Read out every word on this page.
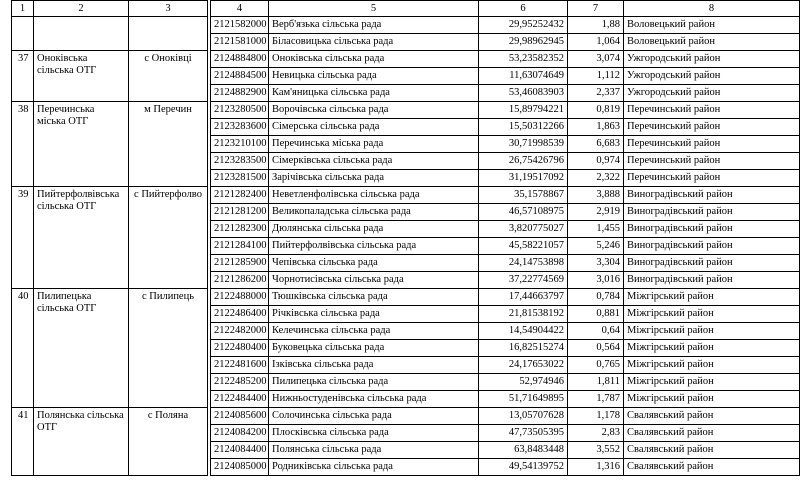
1	2	3

37	Оноківська сільська ОТГ	с Оноківці
38	Перечинська міська ОТГ	м Перечин
39	Пийтерфолвівська сільська ОТГ	с Пийтерфолво
40	Пилипецька сільська ОТГ	с Пилипець
41	Полянська сільська ОТГ	с Поляна
4	5	6	7	8
2121582000	Верб'язька сільська рада	29,95252432	1,88	Воловецький район
2121581000	Біласовицька сільська рада	29,98962945	1,064	Воловецький район
2124884800	Оноківська сільська рада	53,23582352	3,074	Ужгородський район
2124884500	Невицька сільська рада	11,63074649	1,112	Ужгородський район
2124882900	Кам'яницька сільська рада	53,46083903	2,337	Ужгородський район
2123280500	Ворочівська сільська рада	15,89794221	0,819	Перечинський район
2123283600	Сімерська сільська рада	15,50312266	1,863	Перечинський район
2123210100	Перечинська міська рада	30,71998539	6,683	Перечинський район
2123283500	Сімерківська сільська рада	26,75426796	0,974	Перечинський район
2123281500	Зарічівська сільська рада	31,19517092	2,322	Перечинський район
2121282400	Неветленфолівська сільська рада	35,1578867	3,888	Виноградівський район
2121281200	Великопаладська сільська рада	46,57108975	2,919	Виноградівський район
2121282300	Дюлянська сільська рада	3,820775027	1,455	Виноградівський район
2121284100	Пийтерфолвівська сільська рада	45,58221057	5,246	Виноградівський район
2121285900	Чепівська сільська рада	24,14753898	3,304	Виноградівський район
2121286200	Чорнотисівська сільська рада	37,22774569	3,016	Виноградівський район
2122488000	Тюшківська сільська рада	17,44663797	0,784	Міжгірський район
2122486400	Річківська сільська рада	21,81538192	0,881	Міжгірський район
2122482000	Келечинська сільська рада	14,54904422	0,64	Міжгірський район
2122480400	Буковецька сільська рада	16,82515274	0,564	Міжгірський район
2122481600	Ізківська сільська рада	24,17653022	0,765	Міжгірський район
2122485200	Пилипецька сільська рада	52,974946	1,811	Міжгірський район
2122484400	Нижньостуденівська сільська рада	51,71649895	1,787	Міжгірський район
2124085600	Солочинська сільська рада	13,05707628	1,178	Свалявський район
2124084200	Плосківська сільська рада	47,73505395	2,83	Свалявський район
2124084400	Полянська сільська рада	63,8483448	3,552	Свалявський район
2124085000	Родниківська сільська рада	49,54139752	1,316	Свалявський район
